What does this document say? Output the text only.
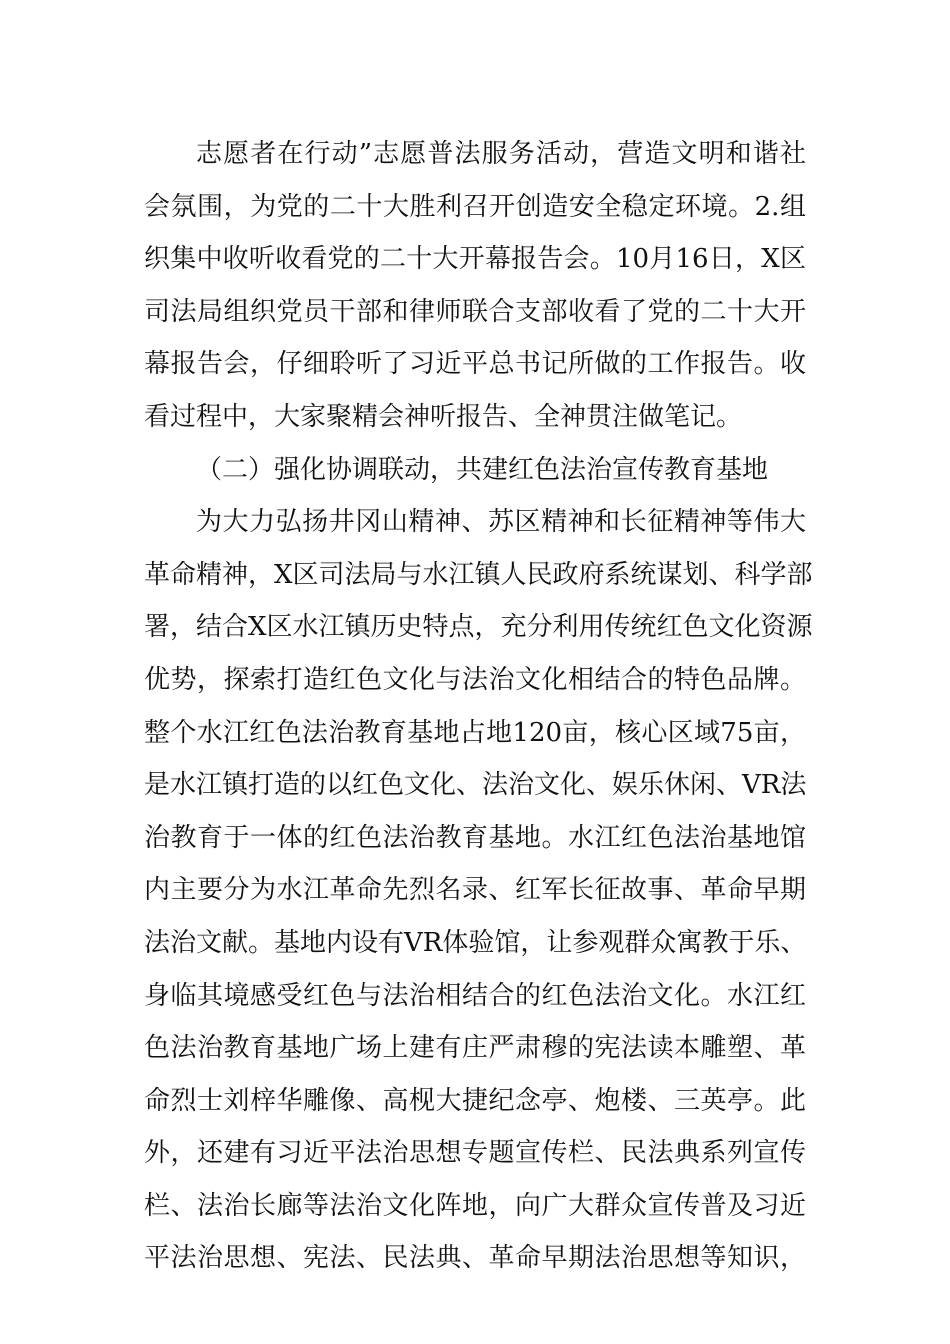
志愿者在行动”志愿普法服务活动，营造文明和谐社
会氛围，为党的二十大胜利召开创造安全稳定环境。2.组
织集中收听收看党的二十大开幕报告会。10月16日，X区
司法局组织党员干部和律师联合支部收看了党的二十大开
幕报告会，仔细聆听了习近平总书记所做的工作报告。收
看过程中，大家聚精会神听报告、全神贯注做笔记。
（二）强化协调联动，共建红色法治宣传教育基地
为大力弘扬井冈山精神、苏区精神和长征精神等伟大
革命精神，X区司法局与水江镇人民政府系统谋划、科学部
署，结合X区水江镇历史特点，充分利用传统红色文化资源
优势，探索打造红色文化与法治文化相结合的特色品牌。
整个水江红色法治教育基地占地120亩，核心区域75亩，
是水江镇打造的以红色文化、法治文化、娱乐休闲、VR法
治教育于一体的红色法治教育基地。水江红色法治基地馆
内主要分为水江革命先烈名录、红军长征故事、革命早期
法治文献。基地内设有VR体验馆，让参观群众寓教于乐、
身临其境感受红色与法治相结合的红色法治文化。水江红
色法治教育基地广场上建有庄严肃穆的宪法读本雕塑、革
命烈士刘梓华雕像、高枧大捷纪念亭、炮楼、三英亭。此
外，还建有习近平法治思想专题宣传栏、民法典系列宣传
栏、法治长廊等法治文化阵地，向广大群众宣传普及习近
平法治思想、宪法、民法典、革命早期法治思想等知识，
